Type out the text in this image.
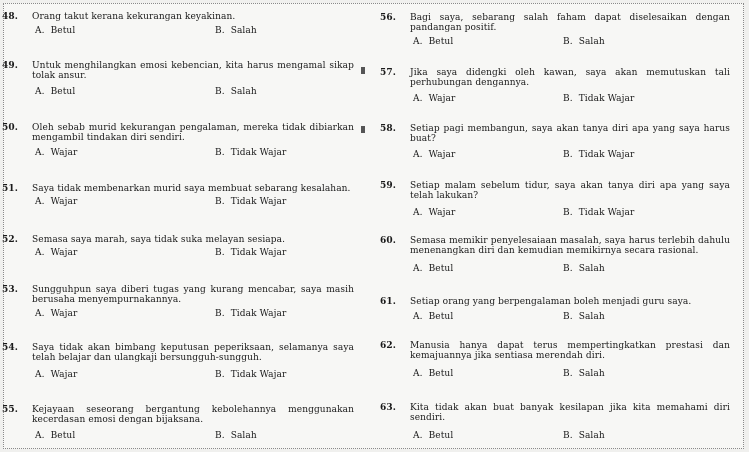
48. Orang takut kerana kekurangan keyakinan.
A. Betul	B. Salah
49. Untuk menghilangkan emosi kebencian, kita harus mengamal sikap tolak ansur.
A. Betul	B. Salah
50. Oleh sebab murid kekurangan pengalaman, mereka tidak dibiarkan mengambil tindakan diri sendiri.
A. Wajar	B. Tidak Wajar
51. Saya tidak membenarkan murid saya membuat sebarang kesalahan.
A. Wajar	B. Tidak Wajar
52. Semasa saya marah, saya tidak suka melayan sesiapa.
A. Wajar	B. Tidak Wajar
53. Sungguhpun saya diberi tugas yang kurang mencabar, saya masih berusaha menyempurnakannya.
A. Wajar	B. Tidak Wajar
54. Saya tidak akan bimbang keputusan peperiksaan, selamanya saya telah belajar dan ulangkaji bersungguh-sungguh.
A. Wajar	B. Tidak Wajar
55. Kejayaan seseorang bergantung kebolehannya menggunakan kecerdasan emosi dengan bijaksana.
A. Betul	B. Salah
56. Bagi saya, sebarang salah faham dapat diselesaikan dengan pandangan positif.
A. Betul	B. Salah
57. Jika saya didengki oleh kawan, saya akan memutuskan tali perhubungan dengannya.
A. Wajar	B. Tidak Wajar
58. Setiap pagi membangun, saya akan tanya diri apa yang saya harus buat?
A. Wajar	B. Tidak Wajar
59. Setiap malam sebelum tidur, saya akan tanya diri apa yang saya telah lakukan?
A. Wajar	B. Tidak Wajar
60. Semasa memikir penyelesaiaan masalah, saya harus terlebih dahulu menenangkan diri dan kemudian memikirnya secara rasional.
A. Betul	B. Salah
61. Setiap orang yang berpengalaman boleh menjadi guru saya.
A. Betul	B. Salah
62. Manusia hanya dapat terus mempertingkatkan prestasi dan kemajuannya jika sentiasa merendah diri.
A. Betul	B. Salah
63. Kita tidak akan buat banyak kesilapan jika kita memahami diri sendiri.
A. Betul	B. Salah
